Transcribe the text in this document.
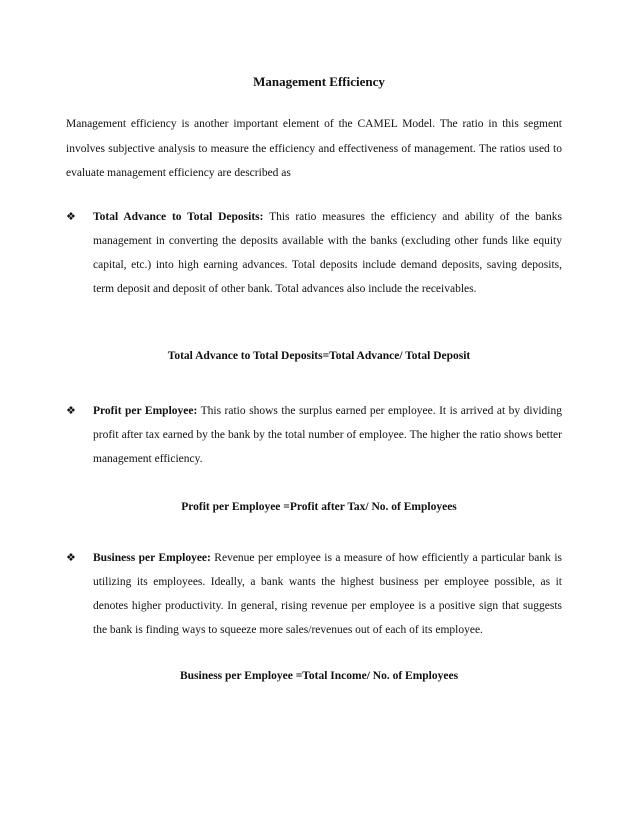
Management Efficiency
Management efficiency is another important element of the CAMEL Model. The ratio in this segment involves subjective analysis to measure the efficiency and effectiveness of management. The ratios used to evaluate management efficiency are described as
❖	Total Advance to Total Deposits: This ratio measures the efficiency and ability of the banks management in converting the deposits available with the banks (excluding other funds like equity capital, etc.) into high earning advances. Total deposits include demand deposits, saving deposits, term deposit and deposit of other bank. Total advances also include the receivables.
Total Advance to Total Deposits=Total Advance/ Total Deposit
❖	Profit per Employee: This ratio shows the surplus earned per employee. It is arrived at by dividing profit after tax earned by the bank by the total number of employee. The higher the ratio shows better management efficiency.
Profit per Employee =Profit after Tax/ No. of Employees
❖	Business per Employee: Revenue per employee is a measure of how efficiently a particular bank is utilizing its employees. Ideally, a bank wants the highest business per employee possible, as it denotes higher productivity. In general, rising revenue per employee is a positive sign that suggests the bank is finding ways to squeeze more sales/revenues out of each of its employee.
Business per Employee =Total Income/ No. of Employees
